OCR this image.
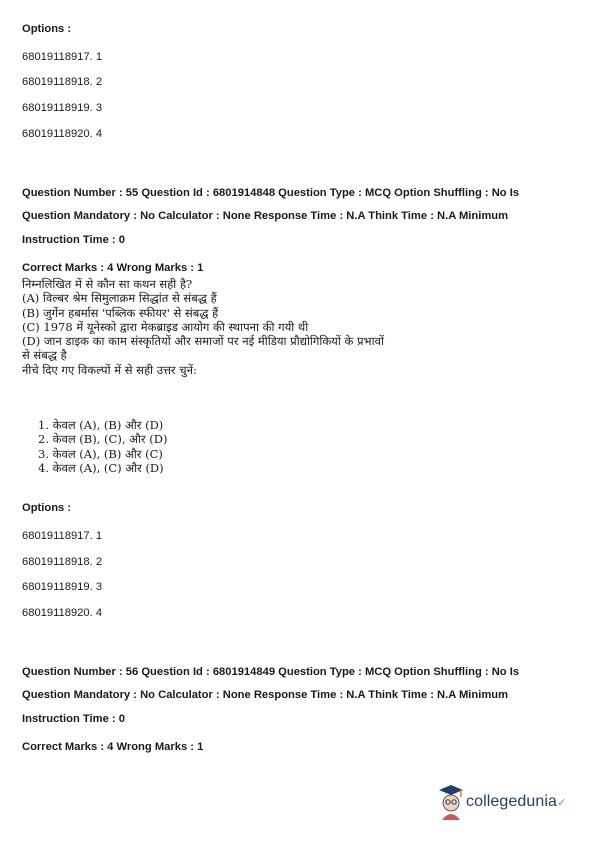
Options :
68019118917. 1
68019118918. 2
68019118919. 3
68019118920. 4
Question Number : 55 Question Id : 6801914848 Question Type : MCQ Option Shuffling : No Is
Question Mandatory : No Calculator : None Response Time : N.A Think Time : N.A Minimum
Instruction Time : 0
Correct Marks : 4 Wrong Marks : 1
निम्नलिखित में से कौन सा कथन सही है?
(A) विल्बर श्रेम सिमुलाक्रम सिद्धांत से संबद्ध हैं
(B) जुर्गेन हबर्मास 'पब्लिक स्फीयर' से संबद्ध हैं
(C) 1978 में यूनेस्को द्वारा मेकब्राइड आयोग की स्थापना की गयी थी
(D) जान डाइक का काम संस्कृतियों और समाजों पर नई मीडिया प्रौद्योगिकियों के प्रभावों
से संबद्ध है
नीचे दिए गए विकल्पों में से सही उत्तर चुनें:
1. केवल (A), (B) और (D)
2. केवल (B), (C), और (D)
3. केवल (A), (B) और (C)
4. केवल (A), (C) और (D)
Options :
68019118917. 1
68019118918. 2
68019118919. 3
68019118920. 4
Question Number : 56 Question Id : 6801914849 Question Type : MCQ Option Shuffling : No Is
Question Mandatory : No Calculator : None Response Time : N.A Think Time : N.A Minimum
Instruction Time : 0
Correct Marks : 4 Wrong Marks : 1
collegedunia✓
